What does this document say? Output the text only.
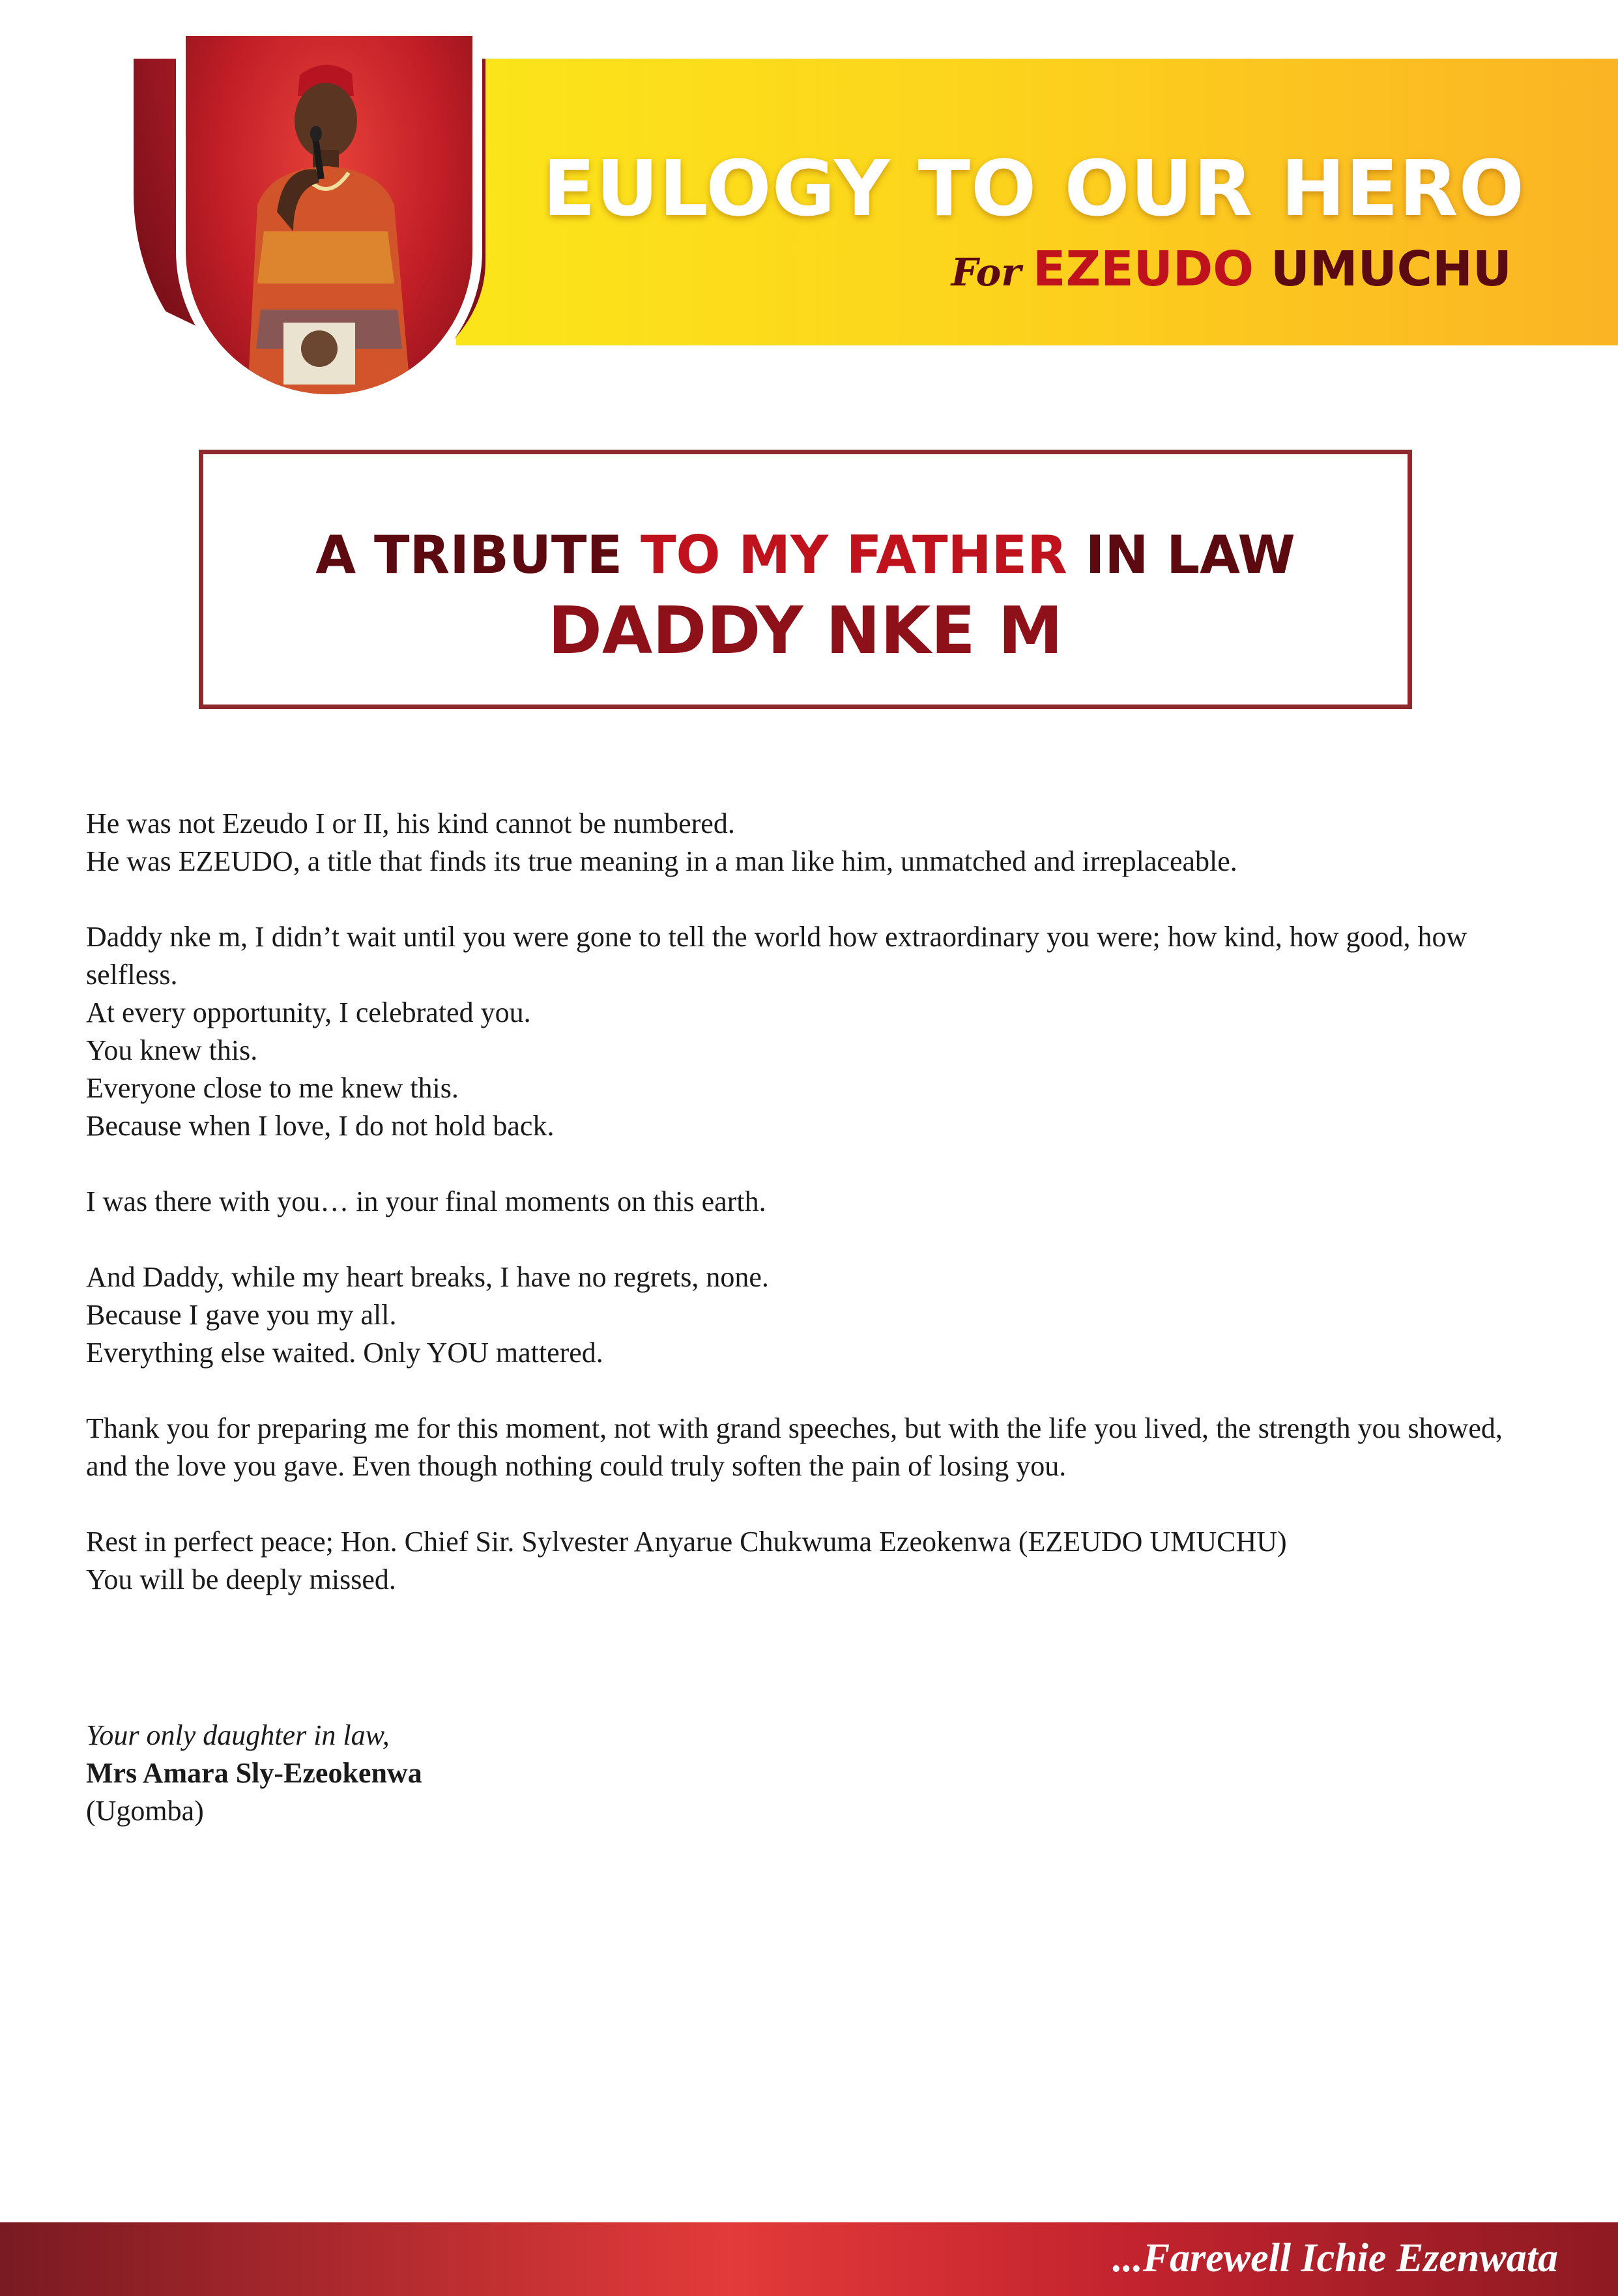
EULOGY TO OUR HERO
For EZEUDO UMUCHU
A TRIBUTE TO MY FATHER IN LAW
DADDY NKE M
He was not Ezeudo I or II, his kind cannot be numbered.
He was EZEUDO, a title that finds its true meaning in a man like him, unmatched and irreplaceable.
Daddy nke m, I didn’t wait until you were gone to tell the world how extraordinary you were; how kind, how good, how selfless.
At every opportunity, I celebrated you.
You knew this.
Everyone close to me knew this.
Because when I love, I do not hold back.
I was there with you… in your final moments on this earth.
And Daddy, while my heart breaks, I have no regrets, none.
Because I gave you my all.
Everything else waited. Only YOU mattered.
Thank you for preparing me for this moment, not with grand speeches, but with the life you lived, the strength you showed, and the love you gave. Even though nothing could truly soften the pain of losing you.
Rest in perfect peace; Hon. Chief Sir. Sylvester Anyarue Chukwuma Ezeokenwa (EZEUDO UMUCHU)
You will be deeply missed.
Your only daughter in law,
Mrs Amara Sly-Ezeokenwa
(Ugomba)
...Farewell Ichie Ezenwata
